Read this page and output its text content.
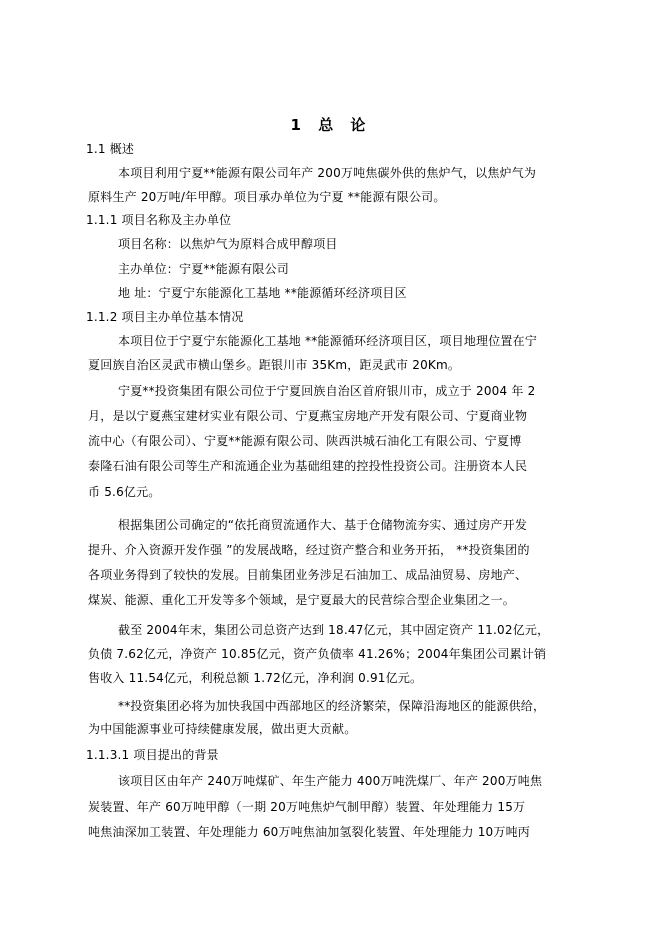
1 总 论
1.1 概述
本项目利用宁夏**能源有限公司年产 200万吨焦碳外供的焦炉气，以焦炉气为
原料生产 20万吨/年甲醇。项目承办单位为宁夏 **能源有限公司。
1.1.1 项目名称及主办单位
项目名称：以焦炉气为原料合成甲醇项目
主办单位：宁夏**能源有限公司
地 址：宁夏宁东能源化工基地 **能源循环经济项目区
1.1.2 项目主办单位基本情况
本项目位于宁夏宁东能源化工基地 **能源循环经济项目区，项目地理位置在宁
夏回族自治区灵武市横山堡乡。距银川市 35Km，距灵武市 20Km。
宁夏**投资集团有限公司位于宁夏回族自治区首府银川市，成立于 2004 年 2
月，是以宁夏燕宝建材实业有限公司、宁夏燕宝房地产开发有限公司、宁夏商业物
流中心（有限公司）、宁夏**能源有限公司、陕西洪城石油化工有限公司、宁夏博
泰隆石油有限公司等生产和流通企业为基础组建的控投性投资公司。注册资本人民
币 5.6亿元。
根据集团公司确定的“依托商贸流通作大、基于仓储物流夯实、通过房产开发
提升、介入资源开发作强 ”的发展战略，经过资产整合和业务开拓， **投资集团的
各项业务得到了较快的发展。目前集团业务涉足石油加工、成品油贸易、房地产、
煤炭、能源、重化工开发等多个领域，是宁夏最大的民营综合型企业集团之一。
截至 2004年末，集团公司总资产达到 18.47亿元，其中固定资产 11.02亿元，
负债 7.62亿元，净资产 10.85亿元，资产负债率 41.26%；2004年集团公司累计销
售收入 11.54亿元，利税总额 1.72亿元，净利润 0.91亿元。
**投资集团必将为加快我国中西部地区的经济繁荣，保障沿海地区的能源供给，
为中国能源事业可持续健康发展，做出更大贡献。
1.1.3.1 项目提出的背景
该项目区由年产 240万吨煤矿、年生产能力 400万吨洗煤厂、年产 200万吨焦
炭装置、年产 60万吨甲醇（一期 20万吨焦炉气制甲醇）装置、年处理能力 15万
吨焦油深加工装置、年处理能力 60万吨焦油加氢裂化装置、年处理能力 10万吨丙
